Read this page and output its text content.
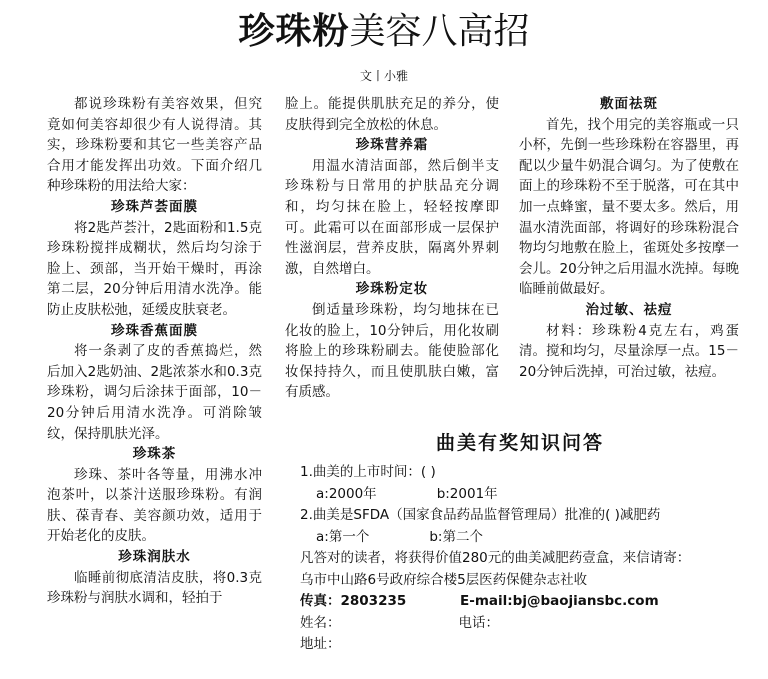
珍珠粉美容八高招
文丨小雅

都说珍珠粉有美容效果，但究竟如何美容却很少有人说得清。其实，珍珠粉要和其它一些美容产品合用才能发挥出功效。下面介绍几种珍珠粉的用法给大家：

珍珠芦荟面膜

将2匙芦荟汁，2匙面粉和1.5克珍珠粉搅拌成糊状，然后均匀涂于脸上、颈部，当开始干燥时，再涂第二层，20分钟后用清水洗净。能防止皮肤松弛，延缓皮肤衰老。

珍珠香蕉面膜

将一条剥了皮的香蕉捣烂，然后加入2匙奶油、2匙浓茶水和0.3克珍珠粉，调匀后涂抹于面部，10－20分钟后用清水洗净。可消除皱纹，保持肌肤光泽。

珍珠茶

珍珠、茶叶各等量，用沸水冲泡茶叶，以茶汁送服珍珠粉。有润肤、葆青春、美容颜功效，适用于开始老化的皮肤。

珍珠润肤水

临睡前彻底清洁皮肤，将0.3克珍珠粉与润肤水调和，轻拍于

脸上。能提供肌肤充足的养分，使皮肤得到完全放松的休息。

珍珠营养霜

用温水清洁面部，然后倒半支珍珠粉与日常用的护肤品充分调和，均匀抹在脸上，轻轻按摩即可。此霜可以在面部形成一层保护性滋润层，营养皮肤，隔离外界刺激，自然增白。

珍珠粉定妆

倒适量珍珠粉，均匀地抹在已化妆的脸上，10分钟后，用化妆刷将脸上的珍珠粉刷去。能使脸部化妆保持持久，而且使肌肤白嫩，富有质感。

敷面祛斑

首先，找个用完的美容瓶或一只小杯，先倒一些珍珠粉在容器里，再配以少量牛奶混合调匀。为了使敷在面上的珍珠粉不至于脱落，可在其中加一点蜂蜜，量不要太多。然后，用温水清洗面部，将调好的珍珠粉混合物均匀地敷在脸上，雀斑处多按摩一会儿。20分钟之后用温水洗掉。每晚临睡前做最好。

治过敏、祛痘

材料：珍珠粉4克左右，鸡蛋清。搅和均匀，尽量涂厚一点。15－20分钟后洗掉，可治过敏，祛痘。

曲美有奖知识问答
1.曲美的上市时间：( )
a:2000年	b:2001年
2.曲美是SFDA（国家食品药品监督管理局）批准的( )减肥药
a:第一个	b:第二个
凡答对的读者，将获得价值280元的曲美减肥药壹盒，来信请寄：
乌市中山路6号政府综合楼5层医药保健杂志社收
传真：2803235	E-mail:bj@baojiansbc.com
姓名：	电话：
地址：
